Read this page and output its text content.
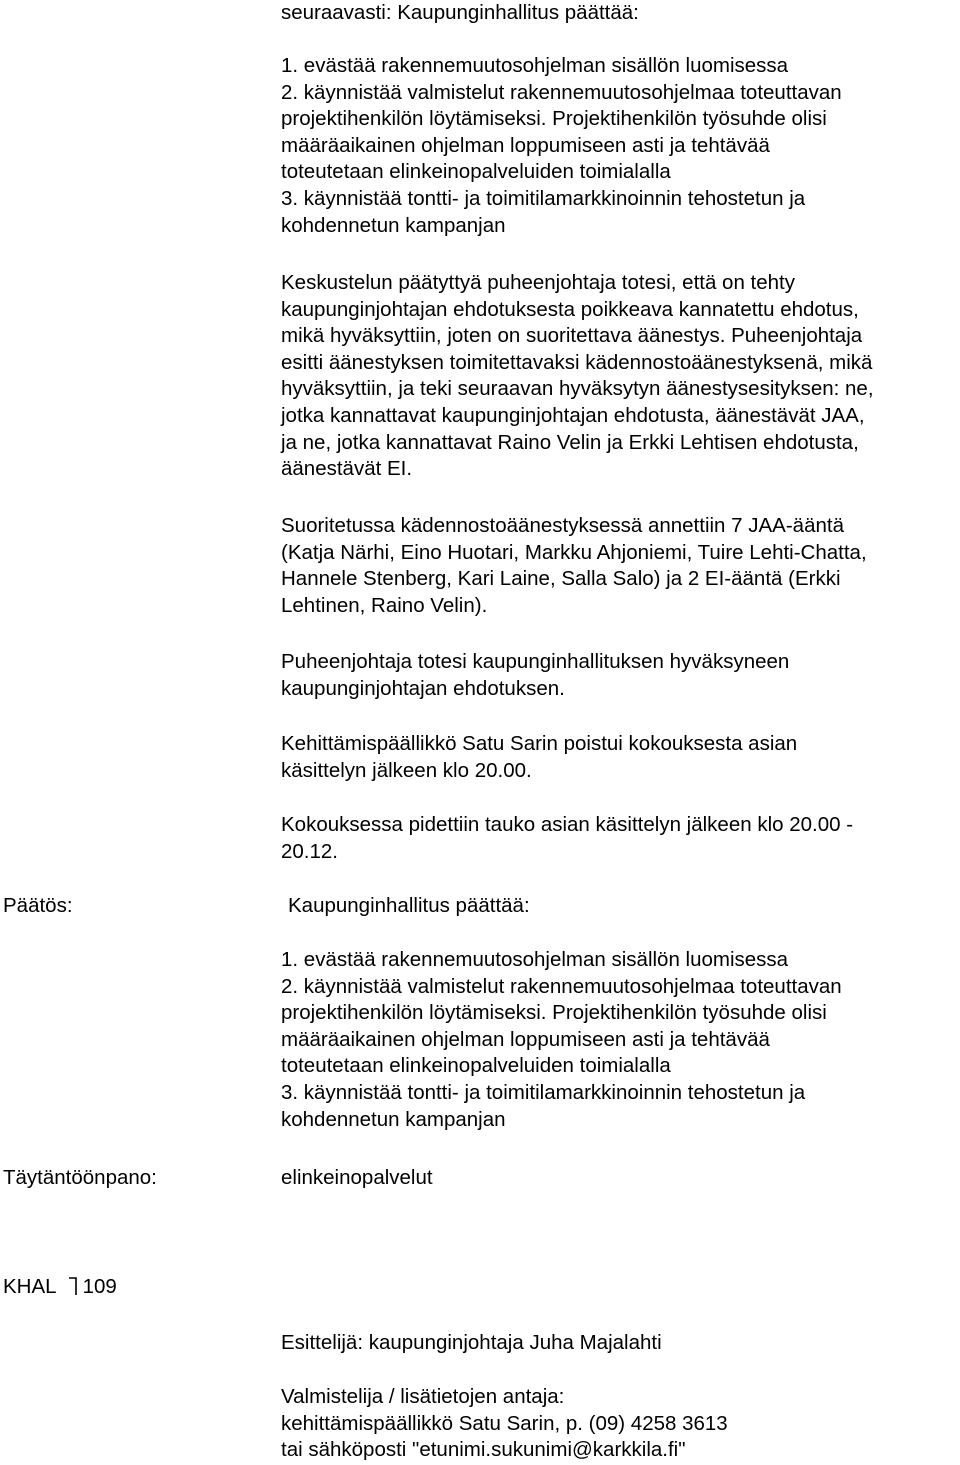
seuraavasti: Kaupunginhallitus päättää:

1. evästää rakennemuutosohjelman sisällön luomisessa

2. käynnistää valmistelut rakennemuutosohjelmaa toteuttavan
projektihenkilön löytämiseksi. Projektihenkilön työsuhde olisi
määräaikainen ohjelman loppumiseen asti ja tehtävää
toteutetaan elinkeinopalveluiden toimialalla

3. käynnistää tontti- ja toimitilamarkkinoinnin tehostetun ja
kohdennetun kampanjan

Keskustelun päätyttyä puheenjohtaja totesi, että on tehty
kaupunginjohtajan ehdotuksesta poikkeava kannatettu ehdotus,
mikä hyväksyttiin, joten on suoritettava äänestys. Puheenjohtaja
esitti äänestyksen toimitettavaksi kädennostoäänestyksenä, mikä
hyväksyttiin, ja teki seuraavan hyväksytyn äänestysesityksen: ne,
jotka kannattavat kaupunginjohtajan ehdotusta, äänestävät JAA,
ja ne, jotka kannattavat Raino Velin ja Erkki Lehtisen ehdotusta,
äänestävät EI.
Suoritetussa kädennostoäänestyksessä annettiin 7 JAA-ääntä
(Katja Närhi, Eino Huotari, Markku Ahjoniemi, Tuire Lehti-Chatta,
Hannele Stenberg, Kari Laine, Salla Salo) ja 2 EI-ääntä (Erkki
Lehtinen, Raino Velin).
Puheenjohtaja totesi kaupunginhallituksen hyväksyneen
kaupunginjohtajan ehdotuksen.
Kehittämispäällikkö Satu Sarin poistui kokouksesta asian
käsittelyn jälkeen klo 20.00.
Kokouksessa pidettiin tauko asian käsittelyn jälkeen klo 20.00 -
20.12.

Päätös:	Kaupunginhallitus päättää:

1. evästää rakennemuutosohjelman sisällön luomisessa

2. käynnistää valmistelut rakennemuutosohjelmaa toteuttavan
projektihenkilön löytämiseksi. Projektihenkilön työsuhde olisi
määräaikainen ohjelman loppumiseen asti ja tehtävää
toteutetaan elinkeinopalveluiden toimialalla

3. käynnistää tontti- ja toimitilamarkkinoinnin tehostetun ja
kohdennetun kampanjan

Täytäntöönpano:	elinkeinopalvelut
KHAL 109
Esittelijä: kaupunginjohtaja Juha Majalahti
Valmistelija / lisätietojen antaja:
kehittämispäällikkö Satu Sarin, p. (09) 4258 3613
tai sähköposti "etunimi.sukunimi@karkkila.fi"
